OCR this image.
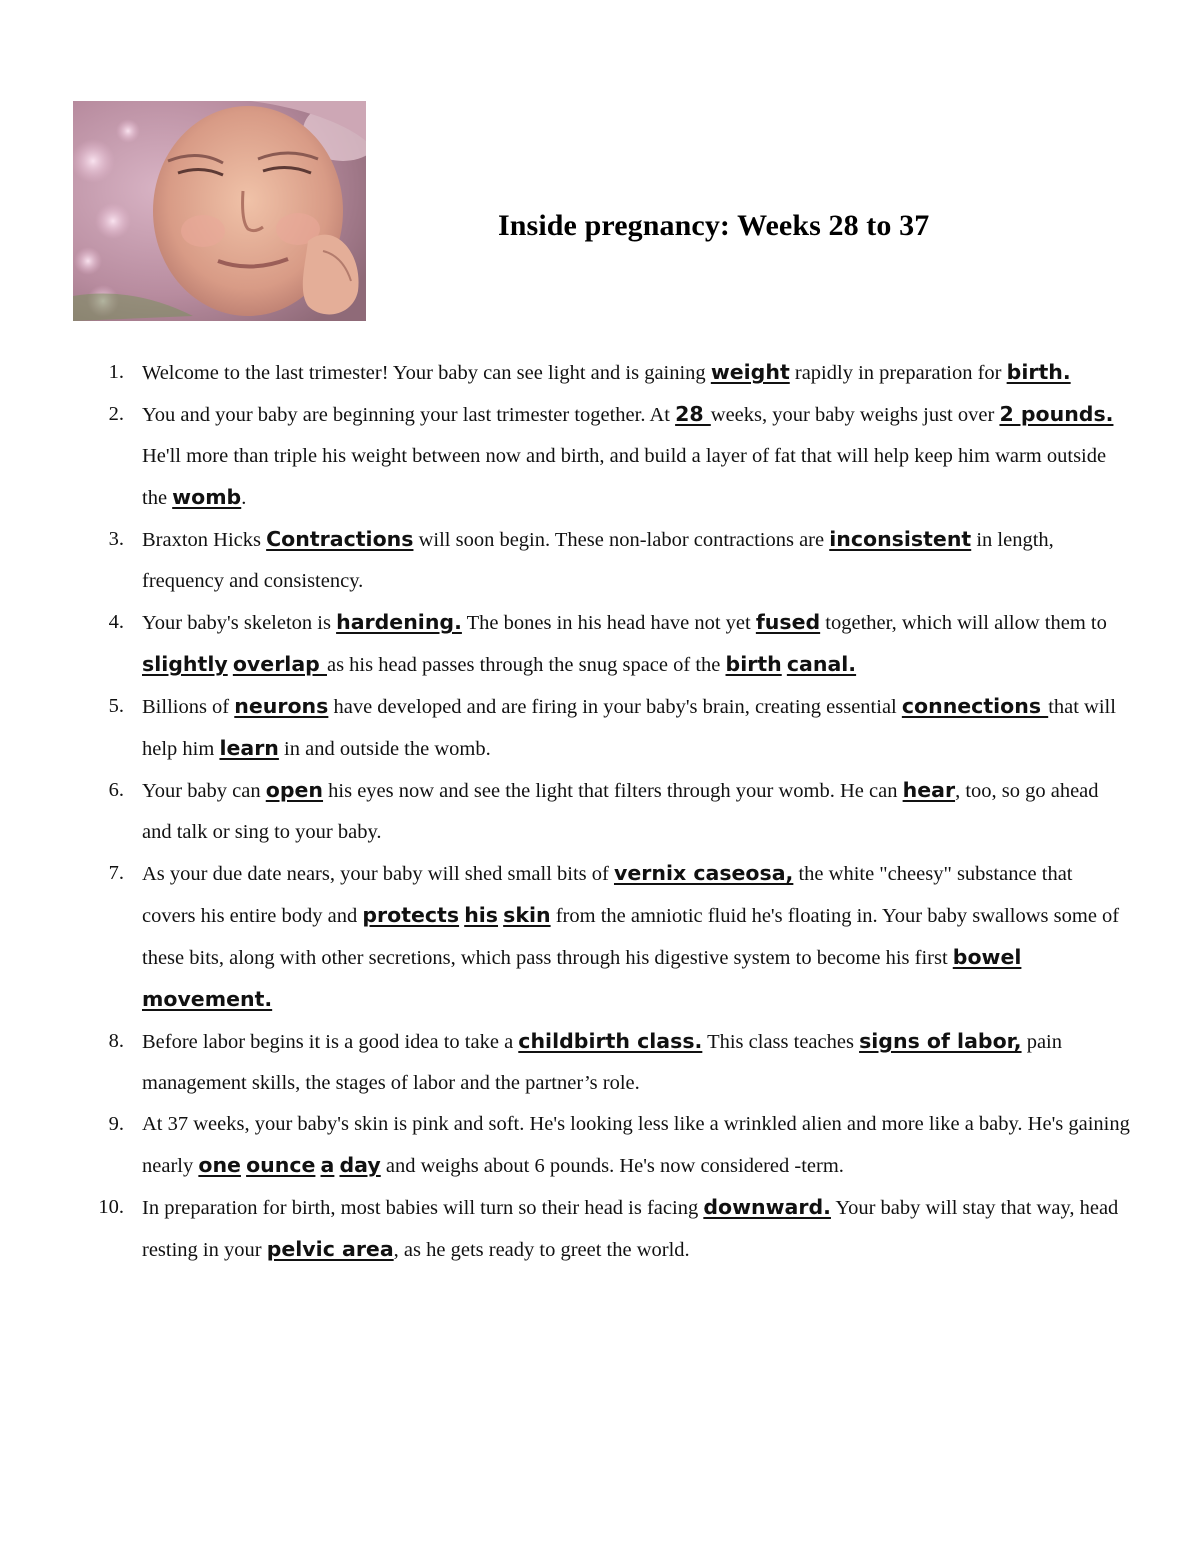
Inside pregnancy: Weeks 28 to 37
1. Welcome to the last trimester! Your baby can see light and is gaining weight rapidly in preparation for birth.
2. You and your baby are beginning your last trimester together. At 28 weeks, your baby weighs just over 2 pounds. He'll more than triple his weight between now and birth, and build a layer of fat that will help keep him warm outside the womb.
3. Braxton Hicks Contractions will soon begin. These non-labor contractions are inconsistent in length, frequency and consistency.
4. Your baby's skeleton is hardening. The bones in his head have not yet fused together, which will allow them to slightly overlap as his head passes through the snug space of the birth canal.
5. Billions of neurons have developed and are firing in your baby's brain, creating essential connections that will help him learn in and outside the womb.
6. Your baby can open his eyes now and see the light that filters through your womb. He can hear, too, so go ahead and talk or sing to your baby.
7. As your due date nears, your baby will shed small bits of vernix caseosa, the white "cheesy" substance that covers his entire body and protects his skin from the amniotic fluid he's floating in. Your baby swallows some of these bits, along with other secretions, which pass through his digestive system to become his first bowel movement.
8. Before labor begins it is a good idea to take a childbirth class. This class teaches signs of labor, pain management skills, the stages of labor and the partner’s role.
9. At 37 weeks, your baby's skin is pink and soft. He's looking less like a wrinkled alien and more like a baby. He's gaining nearly one ounce a day and weighs about 6 pounds. He's now considered -term.
10. In preparation for birth, most babies will turn so their head is facing downward. Your baby will stay that way, head resting in your pelvic area, as he gets ready to greet the world.
